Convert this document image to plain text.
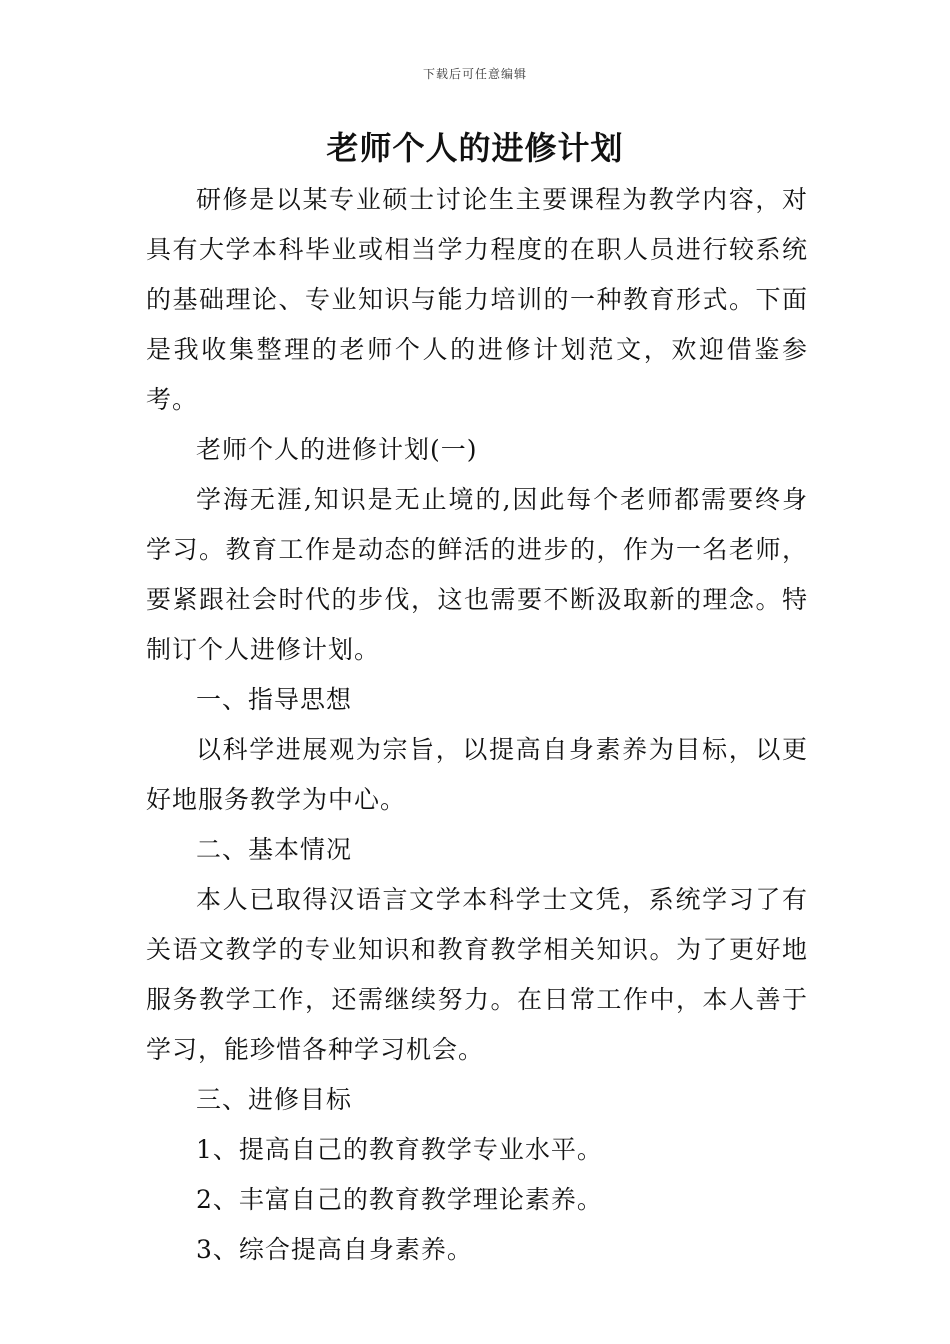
下载后可任意编辑
老师个人的进修计划

研修是以某专业硕士讨论生主要课程为教学内容，对具有大学本科毕业或相当学力程度的在职人员进行较系统的基础理论、专业知识与能力培训的一种教育形式。下面是我收集整理的老师个人的进修计划范文，欢迎借鉴参考。

老师个人的进修计划(一)

学海无涯,知识是无止境的,因此每个老师都需要终身学习。教育工作是动态的鲜活的进步的，作为一名老师，要紧跟社会时代的步伐，这也需要不断汲取新的理念。特制订个人进修计划。

一、指导思想

以科学进展观为宗旨，以提高自身素养为目标，以更好地服务教学为中心。

二、基本情况

本人已取得汉语言文学本科学士文凭，系统学习了有关语文教学的专业知识和教育教学相关知识。为了更好地服务教学工作，还需继续努力。在日常工作中，本人善于学习，能珍惜各种学习机会。

三、进修目标

1、提高自己的教育教学专业水平。

2、丰富自己的教育教学理论素养。

3、综合提高自身素养。
